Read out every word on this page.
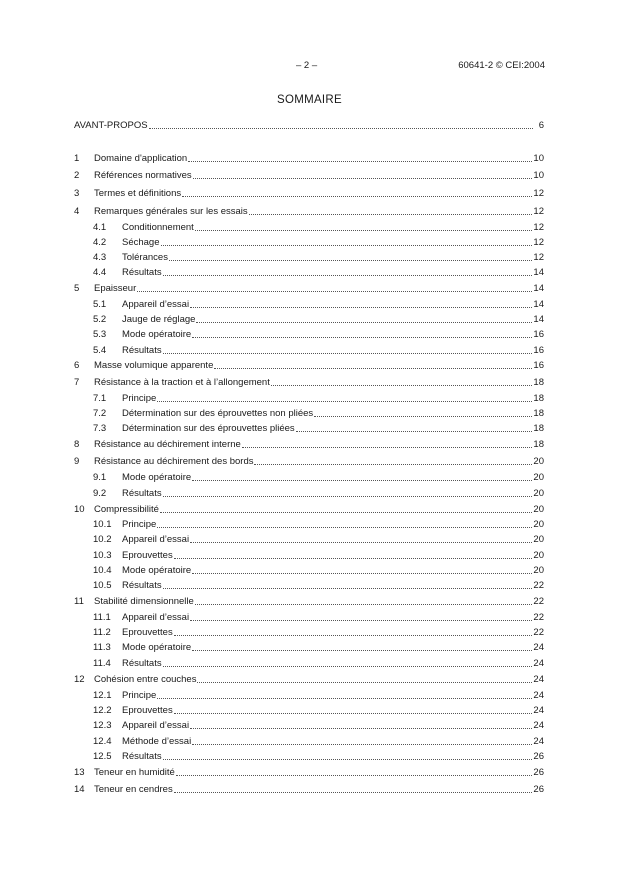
– 2 –	60641-2 © CEI:2004
SOMMAIRE
AVANT-PROPOS	6
1	Domaine d'application	10
2	Références normatives	10
3	Termes et définitions	12
4	Remarques générales sur les essais	12
4.1	Conditionnement	12
4.2	Séchage	12
4.3	Tolérances	12
4.4	Résultats	14
5	Epaisseur	14
5.1	Appareil d’essai	14
5.2	Jauge de réglage	14
5.3	Mode opératoire	16
5.4	Résultats	16
6	Masse volumique apparente	16
7	Résistance à la traction et à l’allongement	18
7.1	Principe	18
7.2	Détermination sur des éprouvettes non pliées	18
7.3	Détermination sur des éprouvettes pliées	18
8	Résistance au déchirement interne	18
9	Résistance au déchirement des bords	20
9.1	Mode opératoire	20
9.2	Résultats	20
10 Compressibilité	20
10.1	Principe	20
10.2	Appareil d’essai	20
10.3	Eprouvettes	20
10.4	Mode opératoire	20
10.5	Résultats	22
11	Stabilité dimensionnelle	22
11.1	Appareil d’essai	22
11.2	Eprouvettes	22
11.3	Mode opératoire	24
11.4	Résultats	24
12 Cohésion entre couches	24
12.1	Principe	24
12.2	Eprouvettes	24
12.3	Appareil d’essai	24
12.4	Méthode d’essai	24
12.5	Résultats	26
13 Teneur en humidité	26
14 Teneur en cendres	26
